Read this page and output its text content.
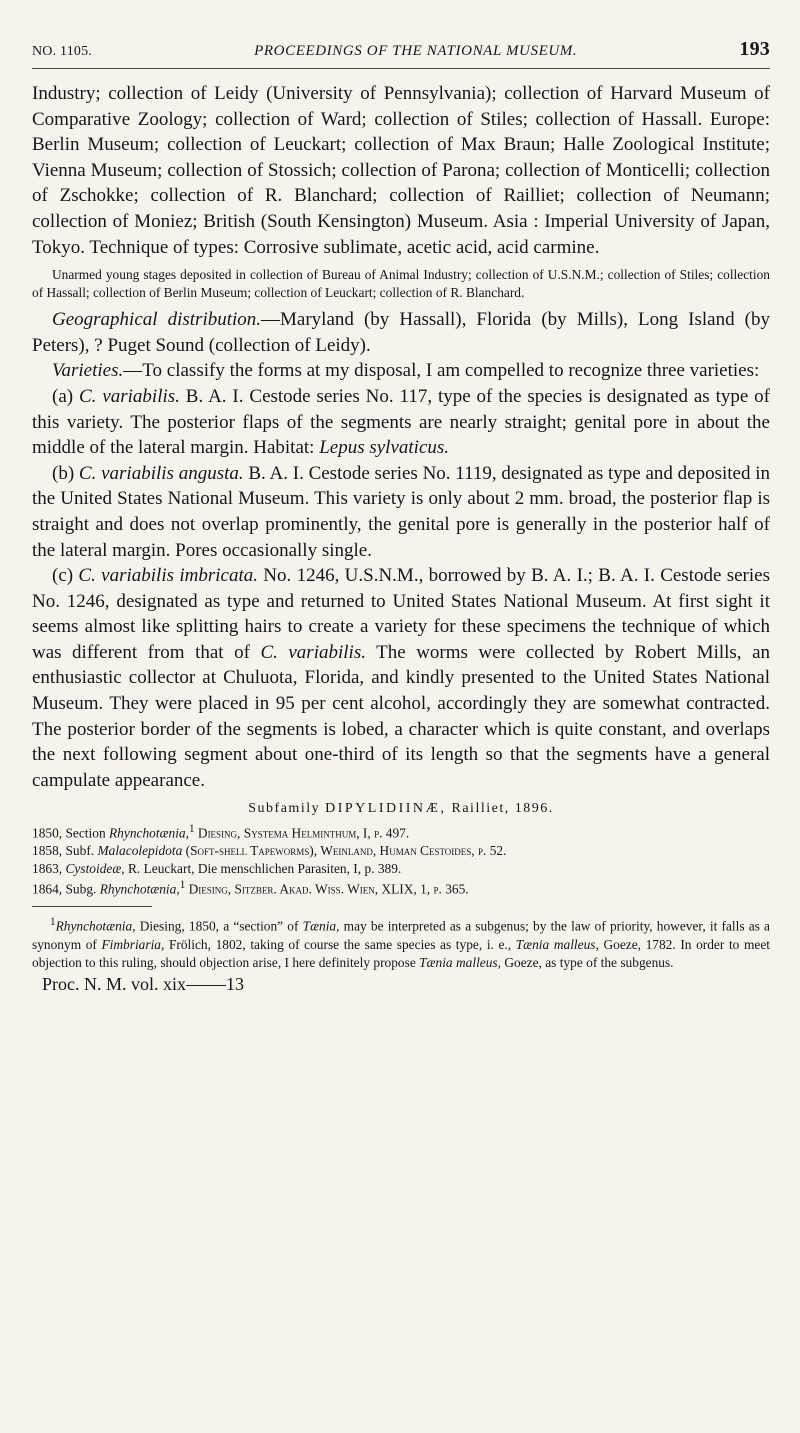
NO. 1105.	PROCEEDINGS OF THE NATIONAL MUSEUM.	193

Industry; collection of Leidy (University of Pennsylvania); collection of Harvard Museum of Comparative Zoology; collection of Ward; collection of Stiles; collection of Hassall. Europe: Berlin Museum; collection of Leuckart; collection of Max Braun; Halle Zoological Institute; Vienna Museum; collection of Stossich; collection of Parona; collection of Monticelli; collection of Zschokke; collection of R. Blanchard; collection of Railliet; collection of Neumann; collection of Moniez; British (South Kensington) Museum. Asia : Imperial University of Japan, Tokyo. Technique of types: Corrosive sublimate, acetic acid, acid carmine.

Unarmed young stages deposited in collection of Bureau of Animal Industry; collection of U.S.N.M.; collection of Stiles; collection of Hassall; collection of Berlin Museum; collection of Leuckart; collection of R. Blanchard.

Geographical distribution.—Maryland (by Hassall), Florida (by Mills), Long Island (by Peters), ? Puget Sound (collection of Leidy).

Varieties.—To classify the forms at my disposal, I am compelled to recognize three varieties:

(a) C. variabilis. B. A. I. Cestode series No. 117, type of the species is designated as type of this variety. The posterior flaps of the segments are nearly straight; genital pore in about the middle of the lateral margin. Habitat: Lepus sylvaticus.

(b) C. variabilis angusta. B. A. I. Cestode series No. 1119, designated as type and deposited in the United States National Museum. This variety is only about 2 mm. broad, the posterior flap is straight and does not overlap prominently, the genital pore is generally in the posterior half of the lateral margin. Pores occasionally single.

(c) C. variabilis imbricata. No. 1246, U.S.N.M., borrowed by B. A. I.; B. A. I. Cestode series No. 1246, designated as type and returned to United States National Museum. At first sight it seems almost like splitting hairs to create a variety for these specimens the technique of which was different from that of C. variabilis. The worms were collected by Robert Mills, an enthusiastic collector at Chuluota, Florida, and kindly presented to the United States National Museum. They were placed in 95 per cent alcohol, accordingly they are somewhat contracted. The posterior border of the segments is lobed, a character which is quite constant, and overlaps the next following segment about one-third of its length so that the segments have a general campulate appearance.

Subfamily DIPYLIDIINÆ, Railliet, 1896.

1850, Section Rhynchotænia,$^1$ Diesing, Systema Helminthum, I, p. 497.

1858, Subf. Malacolepidota (Soft-shell Tapeworms), Weinland, Human Cestoides, p. 52.

1863, Cystoideæ, R. Leuckart, Die menschlichen Parasiten, I, p. 389.

1864, Subg. Rhynchotænia,$^1$ Diesing, Sitzber. Akad. Wiss. Wien, XLIX, 1, p. 365.

$^1$Rhynchotænia, Diesing, 1850, a “section” of Tænia, may be interpreted as a subgenus; by the law of priority, however, it falls as a synonym of Fimbriaria, Frölich, 1802, taking of course the same species as type, i. e., Tænia malleus, Goeze, 1782. In order to meet objection to this ruling, should objection arise, I here definitely propose Tænia malleus, Goeze, as type of the subgenus.

Proc. N. M. vol. xix 13
